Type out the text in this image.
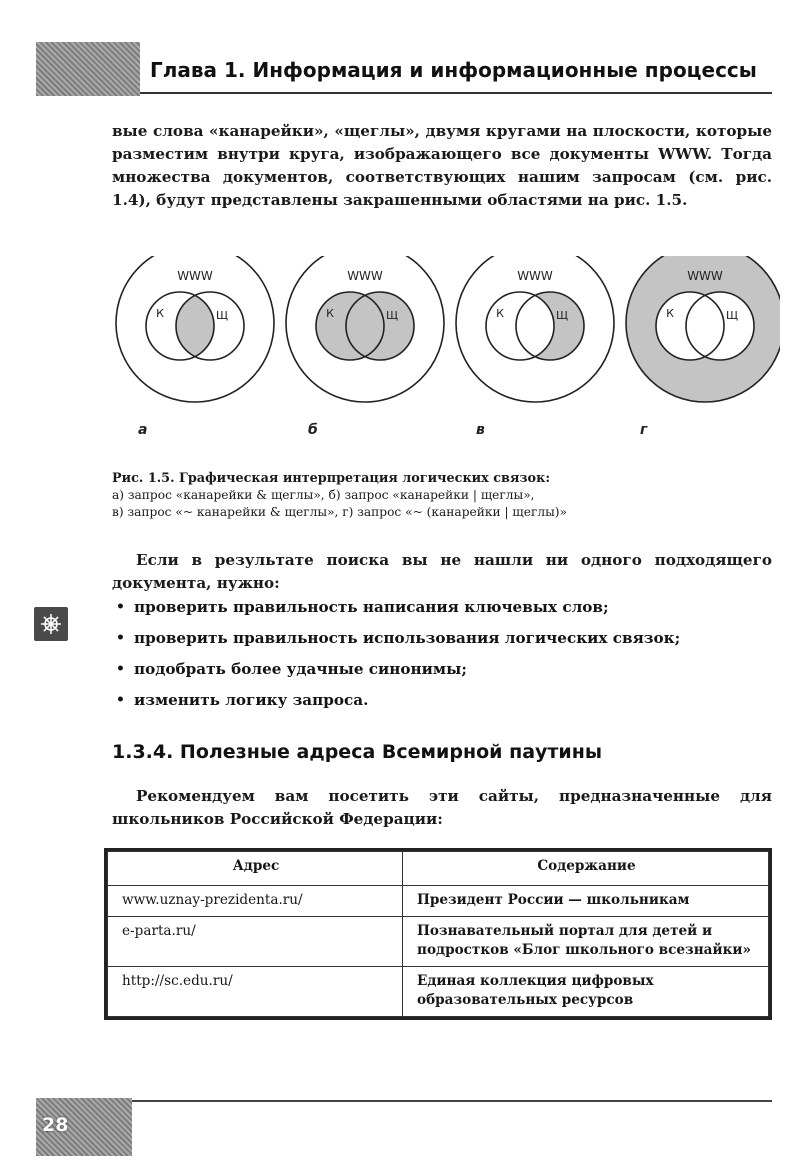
Глава 1. Информация и информационные процессы

вые слова «канарейки», «щеглы», двумя кругами на плоскости, которые разместим внутри круга, изображающего все документы WWW. Тогда множества документов, соответствующих нашим запросам (см. рис. 1.4), будут представлены закрашенными областями на рис. 1.5.

WWW
К	Щ
а
WWW
К	Щ
б
WWW
К	Щ
в
WWW
К	Щ
г

Рис. 1.5. Графическая интерпретация логических связок:

а) запрос «канарейки & щеглы», б) запрос «канарейки | щеглы»,

в) запрос «~ канарейки & щеглы», г) запрос «~ (канарейки | щеглы)»

Если в результате поиска вы не нашли ни одного подходящего документа, нужно:

• проверить правильность написания ключевых слов;
• проверить правильность использования логических связок;
• подобрать более удачные синонимы;
• изменить логику запроса.
1.3.4. Полезные адреса Всемирной паутины

Рекомендуем вам посетить эти сайты, предназначенные для школьников Российской Федерации:

Адрес	Содержание
www.uznay-prezidenta.ru/	Президент России — школьникам
e-parta.ru/	Познавательный портал для детей и подростков «Блог школьного всезнайки»
http://sc.edu.ru/	Единая коллекция цифровых образовательных ресурсов
28
